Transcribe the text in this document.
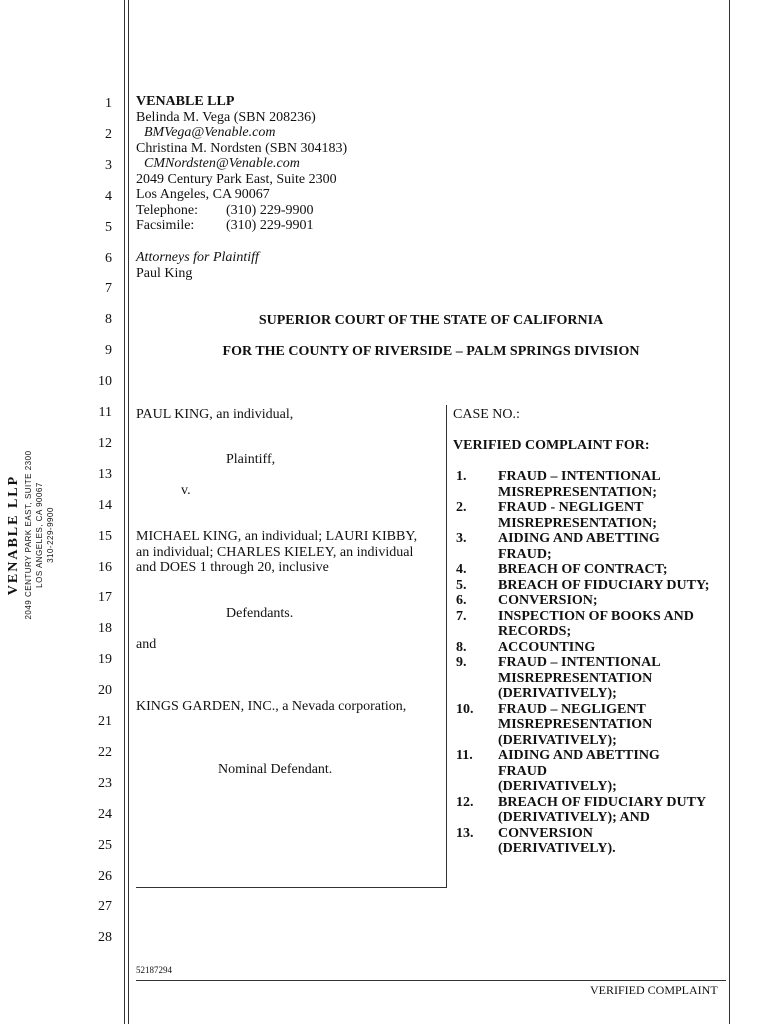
VENABLE LLP 2049 CENTURY PARK EAST, SUITE 2300 LOS ANGELES, CA 90067 310-229-9900
1
2
3
4
5
6
7
8
9
10
11
12
13
14
15
16
17
18
19
20
21
22
23
24
25
26
27
28
VENABLE LLP
Belinda M. Vega (SBN 208236)
BMVega@Venable.com
Christina M. Nordsten (SBN 304183)
CMNordsten@Venable.com
2049 Century Park East, Suite 2300
Los Angeles, CA 90067
Telephone: (310) 229-9900
Facsimile: (310) 229-9901
Attorneys for Plaintiff
Paul King
SUPERIOR COURT OF THE STATE OF CALIFORNIA
FOR THE COUNTY OF RIVERSIDE – PALM SPRINGS DIVISION
PAUL KING, an individual,
Plaintiff,
v.
MICHAEL KING, an individual; LAURI KIBBY,
an individual; CHARLES KIELEY, an individual
and DOES 1 through 20, inclusive
Defendants.
and
KINGS GARDEN, INC., a Nevada corporation,
Nominal Defendant.
CASE NO.:
VERIFIED COMPLAINT FOR:
1.	FRAUD – INTENTIONAL
MISREPRESENTATION;
2.	FRAUD - NEGLIGENT
MISREPRESENTATION;
3.	AIDING AND ABETTING
FRAUD;
4.	BREACH OF CONTRACT;
5.	BREACH OF FIDUCIARY DUTY;
6.	CONVERSION;
7.	INSPECTION OF BOOKS AND
RECORDS;
8.	ACCOUNTING
9.	FRAUD – INTENTIONAL
MISREPRESENTATION
(DERIVATIVELY);
10.	FRAUD – NEGLIGENT
MISREPRESENTATION
(DERIVATIVELY);
11.	AIDING AND ABETTING
FRAUD
(DERIVATIVELY);
12.	BREACH OF FIDUCIARY DUTY
(DERIVATIVELY); AND
13.	CONVERSION
(DERIVATIVELY).
52187294
VERIFIED COMPLAINT
